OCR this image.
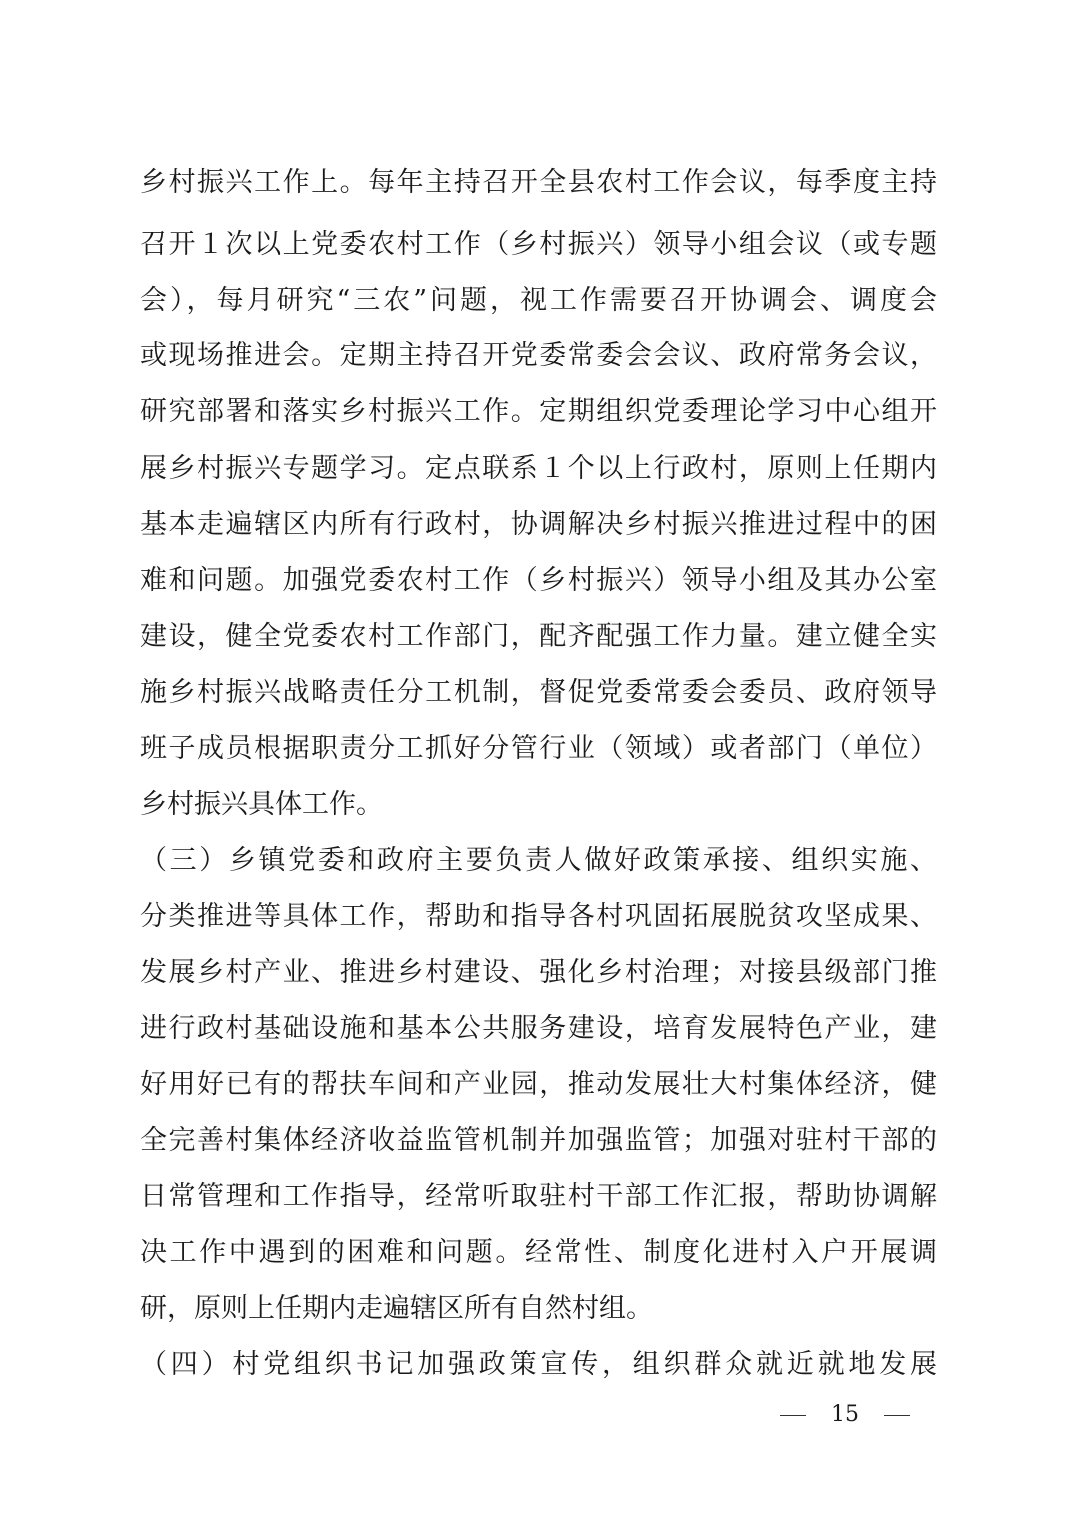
乡村振兴工作上。每年主持召开全县农村工作会议，每季度主持
召开１次以上党委农村工作（乡村振兴）领导小组会议（或专题
会），每月研究“三农”问题，视工作需要召开协调会、调度会
或现场推进会。定期主持召开党委常委会会议、政府常务会议，
研究部署和落实乡村振兴工作。定期组织党委理论学习中心组开
展乡村振兴专题学习。定点联系１个以上行政村，原则上任期内
基本走遍辖区内所有行政村，协调解决乡村振兴推进过程中的困
难和问题。加强党委农村工作（乡村振兴）领导小组及其办公室
建设，健全党委农村工作部门，配齐配强工作力量。建立健全实
施乡村振兴战略责任分工机制，督促党委常委会委员、政府领导
班子成员根据职责分工抓好分管行业（领域）或者部门（单位）
乡村振兴具体工作。
（三）乡镇党委和政府主要负责人做好政策承接、组织实施、
分类推进等具体工作，帮助和指导各村巩固拓展脱贫攻坚成果、
发展乡村产业、推进乡村建设、强化乡村治理；对接县级部门推
进行政村基础设施和基本公共服务建设，培育发展特色产业，建
好用好已有的帮扶车间和产业园，推动发展壮大村集体经济，健
全完善村集体经济收益监管机制并加强监管；加强对驻村干部的
日常管理和工作指导，经常听取驻村干部工作汇报，帮助协调解
决工作中遇到的困难和问题。经常性、制度化进村入户开展调
研，原则上任期内走遍辖区所有自然村组。
（四）村党组织书记加强政策宣传，组织群众就近就地发展
15
